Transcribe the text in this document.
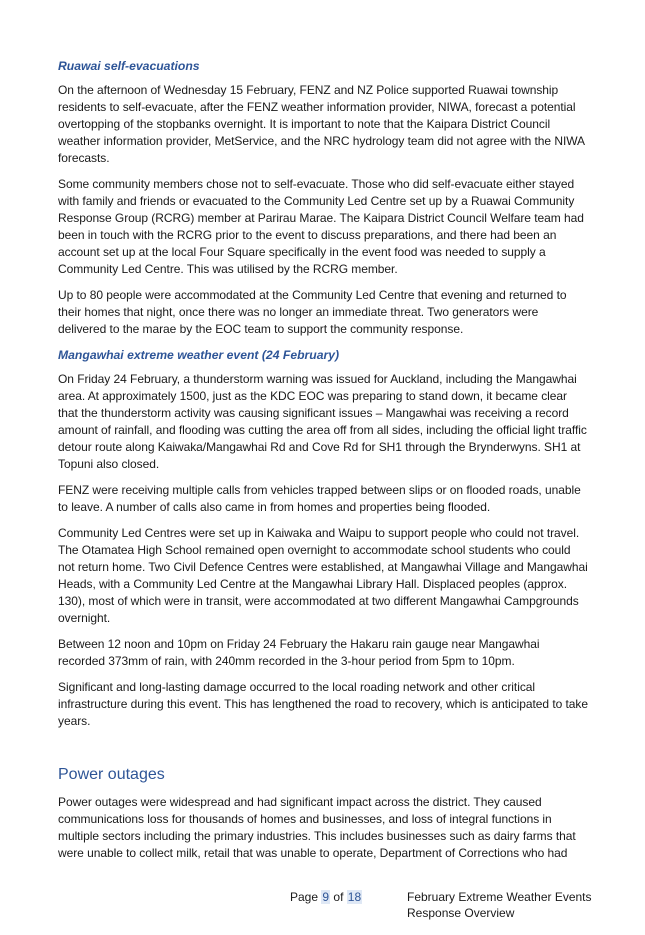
Ruawai self-evacuations

On the afternoon of Wednesday 15 February, FENZ and NZ Police supported Ruawai township residents to self-evacuate, after the FENZ weather information provider, NIWA, forecast a potential overtopping of the stopbanks overnight. It is important to note that the Kaipara District Council weather information provider, MetService, and the NRC hydrology team did not agree with the NIWA forecasts.

Some community members chose not to self-evacuate. Those who did self-evacuate either stayed with family and friends or evacuated to the Community Led Centre set up by a Ruawai Community Response Group (RCRG) member at Parirau Marae. The Kaipara District Council Welfare team had been in touch with the RCRG prior to the event to discuss preparations, and there had been an account set up at the local Four Square specifically in the event food was needed to supply a Community Led Centre. This was utilised by the RCRG member.

Up to 80 people were accommodated at the Community Led Centre that evening and returned to their homes that night, once there was no longer an immediate threat. Two generators were delivered to the marae by the EOC team to support the community response.

Mangawhai extreme weather event (24 February)

On Friday 24 February, a thunderstorm warning was issued for Auckland, including the Mangawhai area. At approximately 1500, just as the KDC EOC was preparing to stand down, it became clear that the thunderstorm activity was causing significant issues – Mangawhai was receiving a record amount of rainfall, and flooding was cutting the area off from all sides, including the official light traffic detour route along Kaiwaka/Mangawhai Rd and Cove Rd for SH1 through the Brynderwyns. SH1 at Topuni also closed.

FENZ were receiving multiple calls from vehicles trapped between slips or on flooded roads, unable to leave. A number of calls also came in from homes and properties being flooded.

Community Led Centres were set up in Kaiwaka and Waipu to support people who could not travel. The Otamatea High School remained open overnight to accommodate school students who could not return home. Two Civil Defence Centres were established, at Mangawhai Village and Mangawhai Heads, with a Community Led Centre at the Mangawhai Library Hall. Displaced peoples (approx. 130), most of which were in transit, were accommodated at two different Mangawhai Campgrounds overnight.

Between 12 noon and 10pm on Friday 24 February the Hakaru rain gauge near Mangawhai recorded 373mm of rain, with 240mm recorded in the 3-hour period from 5pm to 10pm.

Significant and long-lasting damage occurred to the local roading network and other critical infrastructure during this event. This has lengthened the road to recovery, which is anticipated to take years.

Power outages

Power outages were widespread and had significant impact across the district. They caused communications loss for thousands of homes and businesses, and loss of integral functions in multiple sectors including the primary industries. This includes businesses such as dairy farms that were unable to collect milk, retail that was unable to operate, Department of Corrections who had

Page 9 of 18	February Extreme Weather Events
Response Overview
